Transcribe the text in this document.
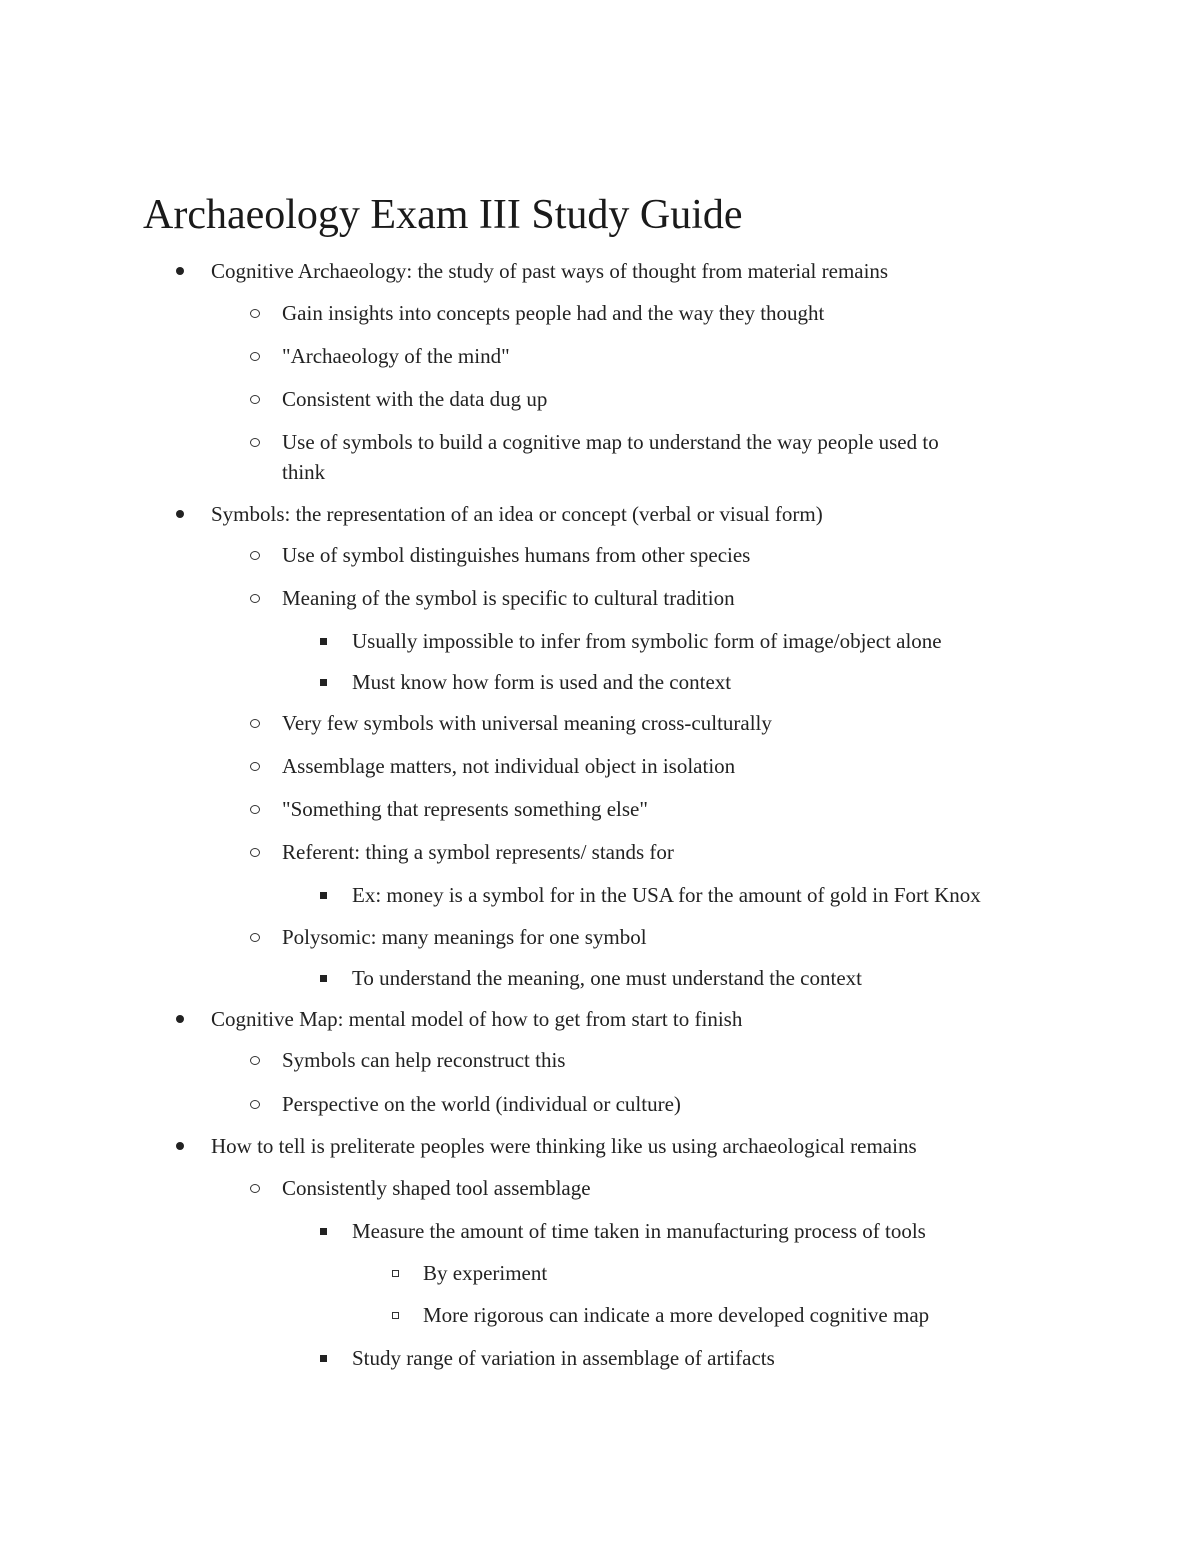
Archaeology Exam III Study Guide
Cognitive Archaeology: the study of past ways of thought from material remains
Gain insights into concepts people had and the way they thought
"Archaeology of the mind"
Consistent with the data dug up
Use of symbols to build a cognitive map to understand the way people used to
think
Symbols: the representation of an idea or concept (verbal or visual form)
Use of symbol distinguishes humans from other species
Meaning of the symbol is specific to cultural tradition
Usually impossible to infer from symbolic form of image/object alone
Must know how form is used and the context
Very few symbols with universal meaning cross-culturally
Assemblage matters, not individual object in isolation
"Something that represents something else"
Referent: thing a symbol represents/ stands for
Ex: money is a symbol for in the USA for the amount of gold in Fort Knox
Polysomic: many meanings for one symbol
To understand the meaning, one must understand the context
Cognitive Map: mental model of how to get from start to finish
Symbols can help reconstruct this
Perspective on the world (individual or culture)
How to tell is preliterate peoples were thinking like us using archaeological remains
Consistently shaped tool assemblage
Measure the amount of time taken in manufacturing process of tools
By experiment
More rigorous can indicate a more developed cognitive map
Study range of variation in assemblage of artifacts
